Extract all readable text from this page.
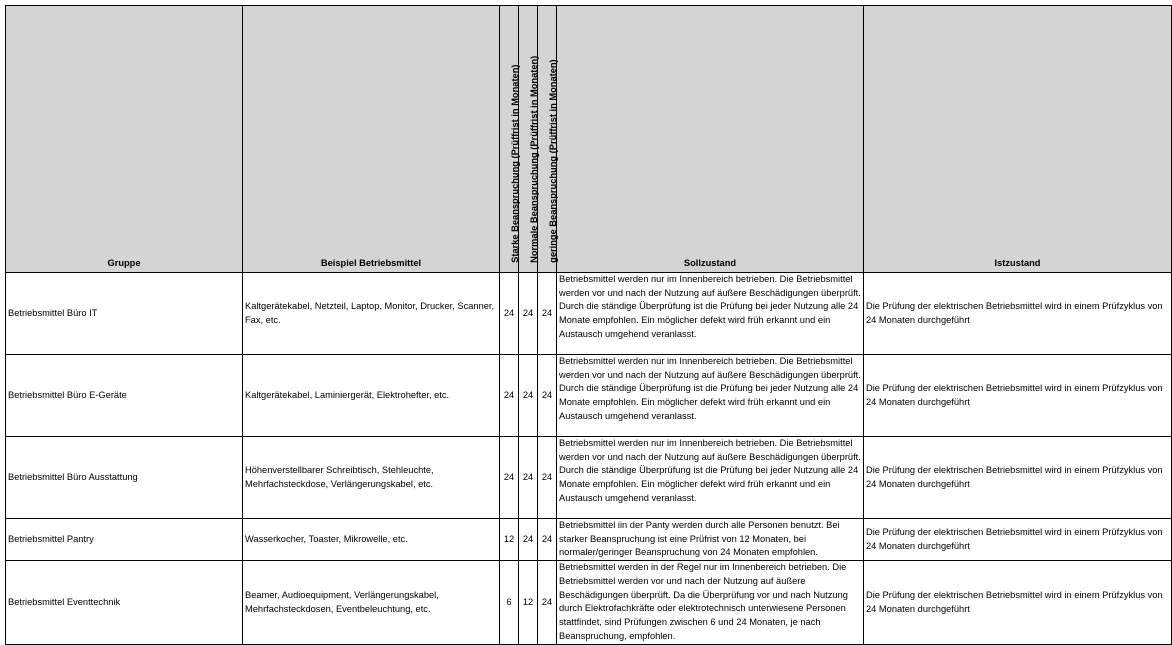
Gruppe	Beispiel Betriebsmittel	Starke Beanspruchung (Prüffrist in Monaten)	Normale Beanspruchung (Prüffrist in Monaten)	geringe Beanspruchung (Prüffrist in Monaten)	Sollzustand	Istzustand
Betriebsmittel Büro IT	Kaltgerätekabel, Netzteil, Laptop, Monitor, Drucker, Scanner, Fax, etc.	24	24	24	Betriebsmittel werden nur im Innenbereich betrieben. Die Betriebsmittel werden vor und nach der Nutzung auf äußere Beschädigungen überprüft. Durch die ständige Überprüfung ist die Prüfung bei jeder Nutzung alle 24 Monate empfohlen. Ein möglicher defekt wird früh erkannt und ein Austausch umgehend veranlasst.	Die Prüfung der elektrischen Betriebsmittel wird in einem Prüfzyklus von 24 Monaten durchgeführt
Betriebsmittel Büro E-Geräte	Kaltgerätekabel, Laminiergerät, Elektrohefter, etc.	24	24	24	Betriebsmittel werden nur im Innenbereich betrieben. Die Betriebsmittel werden vor und nach der Nutzung auf äußere Beschädigungen überprüft. Durch die ständige Überprüfung ist die Prüfung bei jeder Nutzung alle 24 Monate empfohlen. Ein möglicher defekt wird früh erkannt und ein Austausch umgehend veranlasst.	Die Prüfung der elektrischen Betriebsmittel wird in einem Prüfzyklus von 24 Monaten durchgeführt
Betriebsmittel Büro Ausstattung	Höhenverstellbarer Schreibtisch, Stehleuchte, Mehrfachsteckdose, Verlängerungskabel, etc.	24	24	24	Betriebsmittel werden nur im Innenbereich betrieben. Die Betriebsmittel werden vor und nach der Nutzung auf äußere Beschädigungen überprüft. Durch die ständige Überprüfung ist die Prüfung bei jeder Nutzung alle 24 Monate empfohlen. Ein möglicher defekt wird früh erkannt und ein Austausch umgehend veranlasst.	Die Prüfung der elektrischen Betriebsmittel wird in einem Prüfzyklus von 24 Monaten durchgeführt
Betriebsmittel Pantry	Wasserkocher, Toaster, Mikrowelle, etc.	12	24	24	Betriebsmittel iin der Panty werden durch alle Personen benutzt. Bei starker Beanspruchung ist eine Prüfrist von 12 Monaten, bei normaler/geringer Beanspruchung von 24 Monaten empfohlen.	Die Prüfung der elektrischen Betriebsmittel wird in einem Prüfzyklus von 24 Monaten durchgeführt
Betriebsmittel Eventtechnik	Beamer, Audioequipment, Verlängerungskabel, Mehrfachsteckdosen, Eventbeleuchtung, etc.	6	12	24	Betriebsmittel werden in der Regel nur im Innenbereich betrieben. Die Betriebsmittel werden vor und nach der Nutzung auf äußere Beschädigungen überprüft. Da die Überprüfung vor und nach Nutzung durch Elektrofachkräfte oder elektrotechnisch unterwiesene Personen stattfindet, sind Prüfungen zwischen 6 und 24 Monaten, je nach Beanspruchung, empfohlen.	Die Prüfung der elektrischen Betriebsmittel wird in einem Prüfzyklus von 24 Monaten durchgeführt
